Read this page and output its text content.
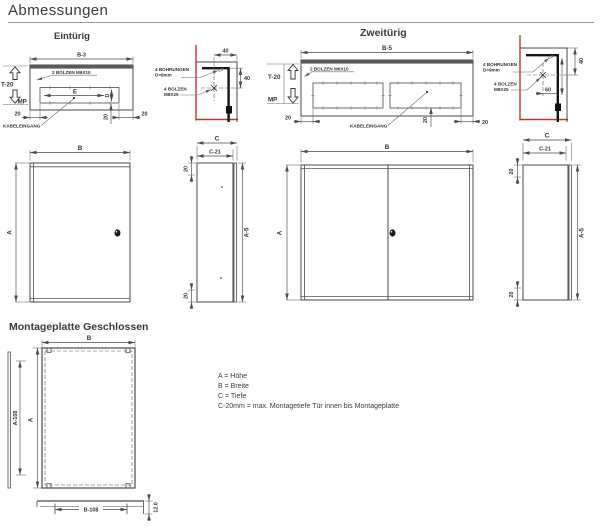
Abmessungen
Eintürig	Zweitürig
Montageplatte Geschlossen
A = Höhe
B = Breite
C = Tiefe
C-20mm = max. Montagetiefe Tür innen bis Montageplatte
E	D
B-3
2 BOLZEN M6X10
T-20
MP
20	20	20
KABELEINGANG
40
40
4 BOHRUNGEN
D=9mm
4 BOLZEN
M8X25
C
C-21
20
20
A-5
B
A
B-5
2 BOLZEN M6X10
T-20
MP
20	20	20
KABELEINGANG
40
60
4 BOHRUNGEN
D=9mm
4 BOLZEN
M8X25
C
C-21
20
20
A-5
B
A
B
A
A-108
B-108	12.0
